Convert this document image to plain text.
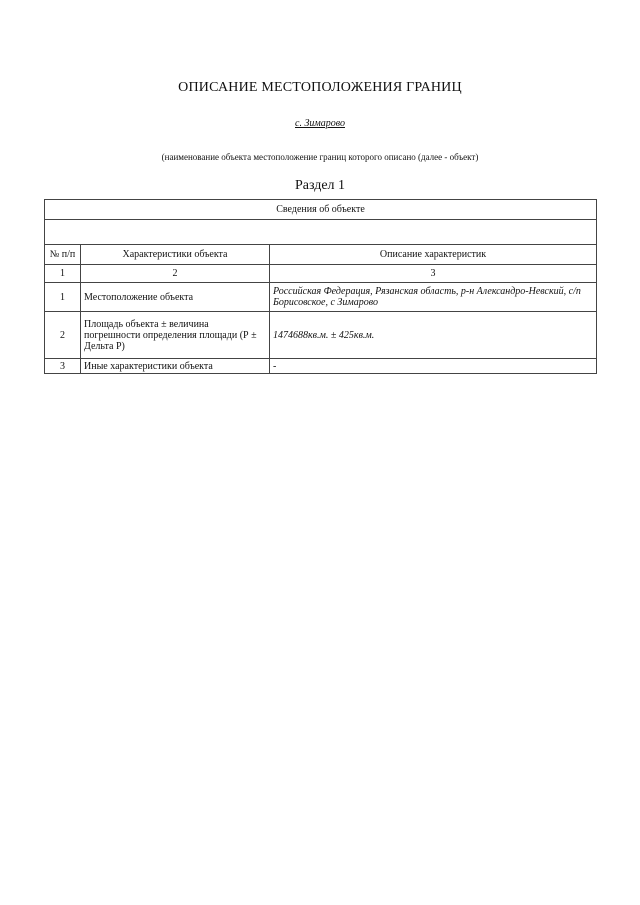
ОПИСАНИЕ МЕСТОПОЛОЖЕНИЯ ГРАНИЦ
с. Зимарово
(наименование объекта местоположение границ которого описано (далее - объект)
Раздел 1
Сведения об объекте		

№ п/п	Характеристики объекта	Описание характеристик
1	2	3
1	Местоположение объекта	Российская Федерация, Рязанская область, р-н Александро-Невский, с/п Борисовское, с Зимарово
2	Площадь объекта ± величина погрешности определения площади (Р ± Дельта Р)	1474688кв.м. ± 425кв.м.
3	Иные характеристики объекта	-
